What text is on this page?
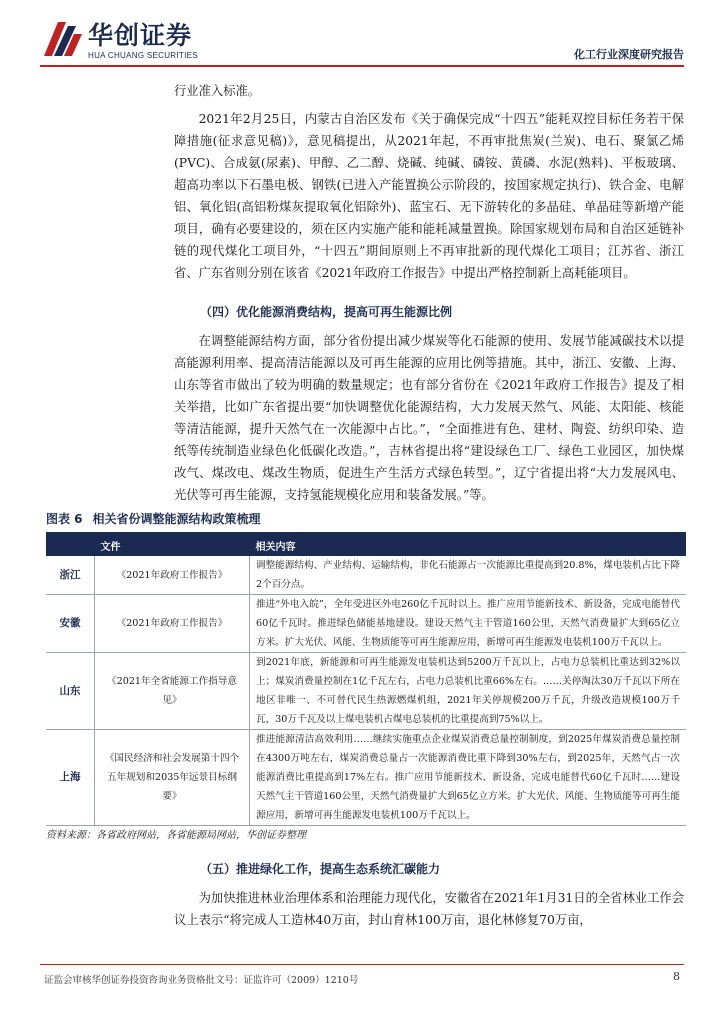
华创证券
HUA CHUANG SECURITIES	化工行业深度研究报告

行业准入标准。

2021年2月25日，内蒙古自治区发布《关于确保完成“十四五”能耗双控目标任务若干保障措施(征求意见稿)》，意见稿提出，从2021年起，不再审批焦炭(兰炭)、电石、聚氯乙烯(PVC)、合成氨(尿素)、甲醇、乙二醇、烧碱、纯碱、磷铵、黄磷、水泥(熟料)、平板玻璃、超高功率以下石墨电极、钢铁(已进入产能置换公示阶段的，按国家规定执行)、铁合金、电解铝、氧化铝(高铝粉煤灰提取氧化铝除外)、蓝宝石、无下游转化的多晶硅、单晶硅等新增产能项目，确有必要建设的，须在区内实施产能和能耗减量置换。除国家规划布局和自治区延链补链的现代煤化工项目外，“十四五”期间原则上不再审批新的现代煤化工项目；江苏省、浙江省、广东省则分别在该省《2021年政府工作报告》中提出严格控制新上高耗能项目。

（四）优化能源消费结构，提高可再生能源比例

在调整能源结构方面，部分省份提出减少煤炭等化石能源的使用、发展节能减碳技术以提高能源利用率、提高清洁能源以及可再生能源的应用比例等措施。其中，浙江、安徽、上海、山东等省市做出了较为明确的数量规定；也有部分省份在《2021年政府工作报告》提及了相关举措，比如广东省提出要“加快调整优化能源结构，大力发展天然气、风能、太阳能、核能等清洁能源，提升天然气在一次能源中占比。”，“全面推进有色、建材、陶瓷、纺织印染、造纸等传统制造业绿色化低碳化改造。”，吉林省提出将“建设绿色工厂、绿色工业园区，加快煤改气、煤改电、煤改生物质，促进生产生活方式绿色转型。”，辽宁省提出将“大力发展风电、光伏等可再生能源，支持氢能规模化应用和装备发展。”等。

图表 6 相关省份调整能源结构政策梳理
	文件	相关内容
浙江	《2021年政府工作报告》	调整能源结构、产业结构、运输结构，非化石能源占一次能源比重提高到20.8%，煤电装机占比下降2个百分点。
安徽	《2021年政府工作报告》	推进“外电入皖”，全年受进区外电260亿千瓦时以上。推广应用节能新技术、新设备，完成电能替代60亿千瓦时。推进绿色储能基地建设。建设天然气主干管道160公里，天然气消费量扩大到65亿立方米。扩大光伏、风能、生物质能等可再生能源应用，新增可再生能源发电装机100万千瓦以上。
山东	《2021年全省能源工作指导意见》	到2021年底，新能源和可再生能源发电装机达到5200万千瓦以上，占电力总装机比重达到32%以上；煤炭消费量控制在1亿千瓦左右，占电力总装机比重66%左右。……关停淘汰30万千瓦以下所在地区非唯一、不可替代民生热源燃煤机组，2021年关停规模200万千瓦，升级改造规模100万千瓦，30万千瓦及以上煤电装机占煤电总装机的比重提高到75%以上。
上海	《国民经济和社会发展第十四个五年规划和2035年远景目标纲要》	推进能源清洁高效利用……继续实施重点企业煤炭消费总量控制制度，到2025年煤炭消费总量控制在4300万吨左右，煤炭消费总量占一次能源消费比重下降到30%左右，到2025年，天然气占一次能源消费比重提高到17%左右。推广应用节能新技术、新设备，完成电能替代60亿千瓦时……建设天然气主干管道160公里，天然气消费量扩大到65亿立方米。扩大光伏、风能、生物质能等可再生能源应用，新增可再生能源发电装机100万千瓦以上。
资料来源：各省政府网站，各省能源局网站，华创证券整理
（五）推进绿化工作，提高生态系统汇碳能力

为加快推进林业治理体系和治理能力现代化，安徽省在2021年1月31日的全省林业工作会议上表示“将完成人工造林40万亩，封山育林100万亩，退化林修复70万亩，

证监会审核华创证券投资咨询业务资格批文号：证监许可（2009）1210号	8
